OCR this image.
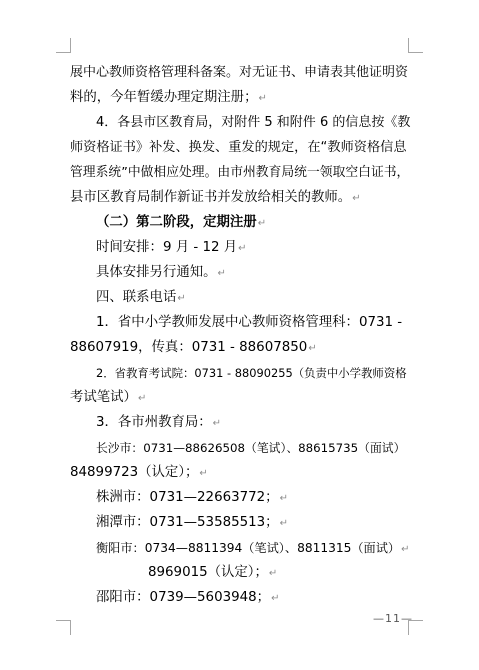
展中心教师资格管理科备案。对无证书、申请表其他证明资
料的，今年暂缓办理定期注册；↵
4．各县市区教育局，对附件 5 和附件 6 的信息按《教
师资格证书》补发、换发、重发的规定，在“教师资格信息
管理系统”中做相应处理。由市州教育局统一领取空白证书，
县市区教育局制作新证书并发放给相关的教师。↵
（二）第二阶段，定期注册↵
时间安排：9 月 - 12 月↵
具体安排另行通知。↵
四、联系电话↵
1．省中小学教师发展中心教师资格管理科：0731 -
88607919，传真：0731 - 88607850↵
2．省教育考试院：0731 - 88090255（负责中小学教师资格
考试笔试）↵
3．各市州教育局：↵
长沙市：0731—88626508（笔试）、88615735（面试）
84899723（认定）；↵
株洲市：0731—22663772；↵
湘潭市：0731—53585513；↵
衡阳市：0734—8811394（笔试）、8811315（面试）↵
8969015（认定）；↵
邵阳市：0739—5603948；↵
—11—
